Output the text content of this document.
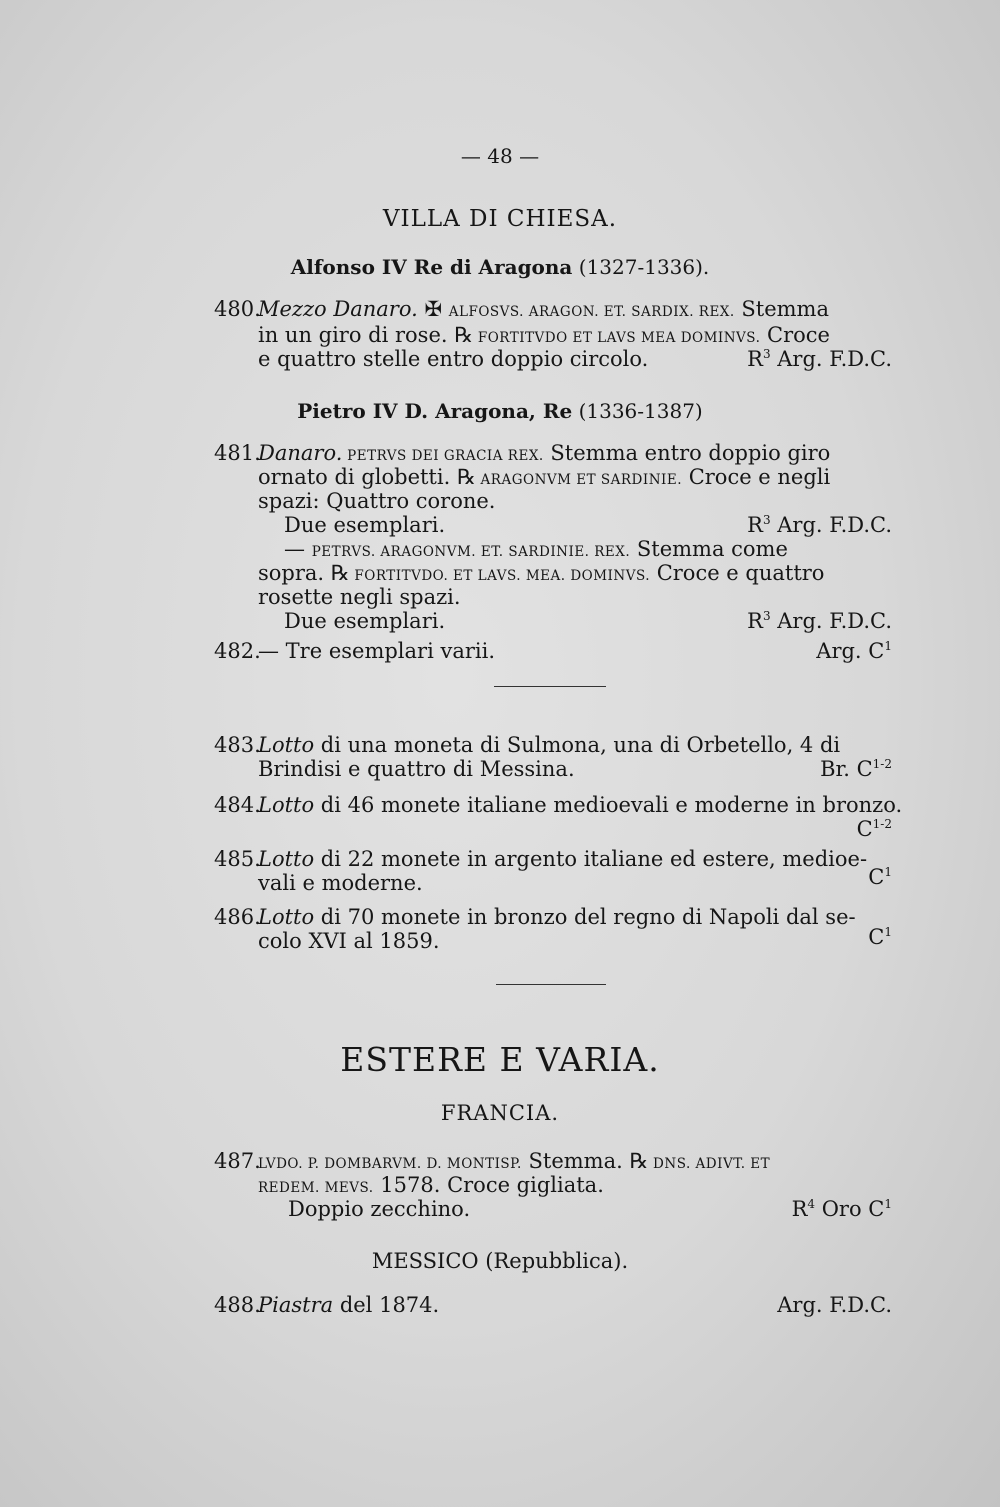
— 48 —
VILLA DI CHIESA.
Alfonso IV Re di Aragona (1327-1336).
480.Mezzo Danaro. ✠ ALFOSVS. ARAGON. ET. SARDIX. REX. Stemma
in un giro di rose. ℞ FORTITVDO ET LAVS MEA DOMINVS. Croce
e quattro stelle entro doppio circolo.	$R^3$ Arg. F.D.C.
Pietro IV D. Aragona, Re (1336-1387)
481.Danaro. PETRVS DEI GRACIA REX. Stemma entro doppio giro
ornato di globetti. ℞ ARAGONVM ET SARDINIE. Croce e negli
spazi: Quattro corone.
Due esemplari.	$R^3$ Arg. F.D.C.
— PETRVS. ARAGONVM. ET. SARDINIE. REX. Stemma come
sopra. ℞ FORTITVDO. ET LAVS. MEA. DOMINVS. Croce e quattro
rosette negli spazi.
Due esemplari.	$R^3$ Arg. F.D.C.
482.— Tre esemplari varii.	Arg. $C^1$
483.Lotto di una moneta di Sulmona, una di Orbetello, 4 di
Brindisi e quattro di Messina.	Br. $C^{1-2}$
484.Lotto di 46 monete italiane medioevali e moderne in bronzo.
$C^{1-2}$
485.Lotto di 22 monete in argento italiane ed estere, medioe-
vali e moderne.	$C^1$
486.Lotto di 70 monete in bronzo del regno di Napoli dal se-
colo XVI al 1859.	$C^1$
ESTERE E VARIA.
FRANCIA.
487.LVDO. P. DOMBARVM. D. MONTISP. Stemma. ℞ DNS. ADIVT. ET
REDEM. MEVS. 1578. Croce gigliata.
Doppio zecchino.	$R^4$ Oro $C^1$
MESSICO (Repubblica).
488.Piastra del 1874.	Arg. F.D.C.
